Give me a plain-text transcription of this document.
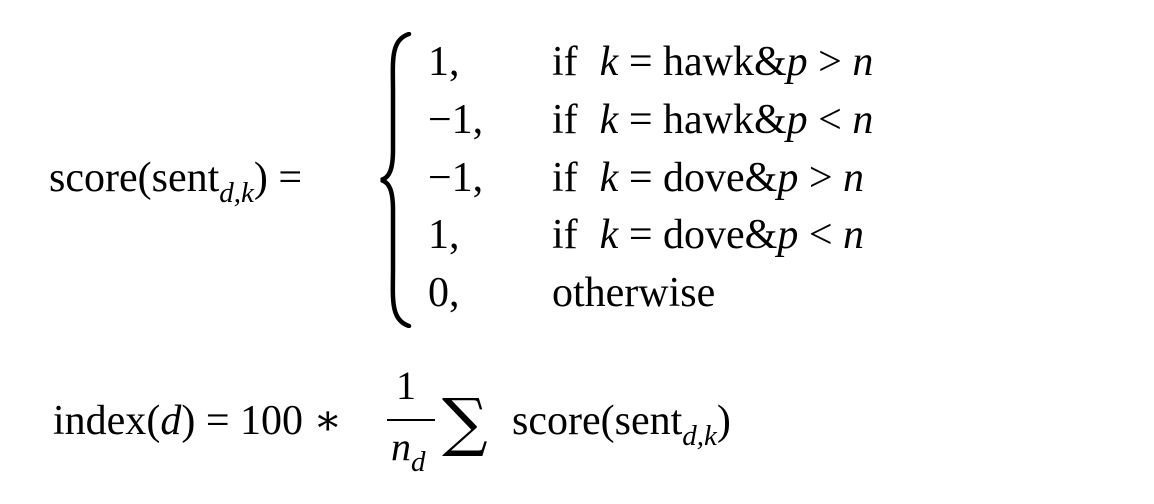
score(sent$_{d,k}$) =
1, if k = hawk&p > n
−1, if k = hawk&p < n
−1, if k = dove&p > n
1, if k = dove&p < n
0, otherwise
index(d) = 100 ∗
1
$n_d$
∑ score(sent$_{d,k}$)
